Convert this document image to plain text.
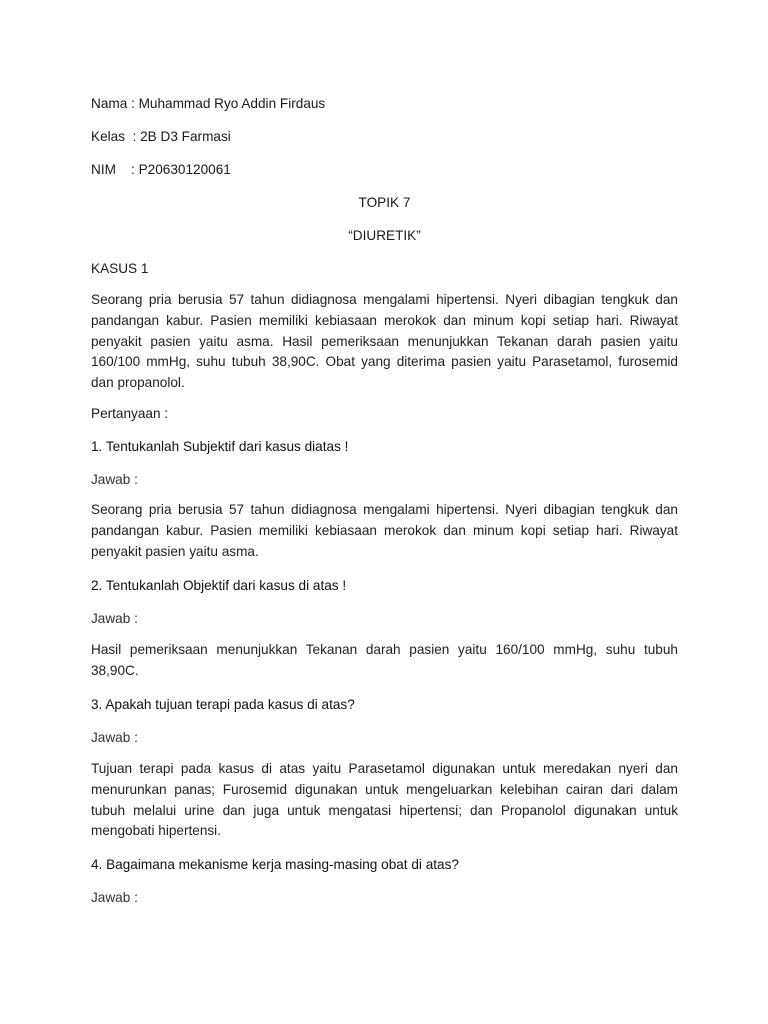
Nama : Muhammad Ryo Addin Firdaus
Kelas  : 2B D3 Farmasi
NIM    : P20630120061
TOPIK 7
“DIURETIK”
KASUS 1
Seorang pria berusia 57 tahun didiagnosa mengalami hipertensi. Nyeri dibagian tengkuk dan pandangan kabur. Pasien memiliki kebiasaan merokok dan minum kopi setiap hari. Riwayat penyakit pasien yaitu asma. Hasil pemeriksaan menunjukkan Tekanan darah pasien yaitu 160/100 mmHg, suhu tubuh 38,90C. Obat yang diterima pasien yaitu Parasetamol, furosemid dan propanolol.
Pertanyaan :
1. Tentukanlah Subjektif dari kasus diatas !
Jawab :
Seorang pria berusia 57 tahun didiagnosa mengalami hipertensi. Nyeri dibagian tengkuk dan pandangan kabur. Pasien memiliki kebiasaan merokok dan minum kopi setiap hari. Riwayat penyakit pasien yaitu asma.
2. Tentukanlah Objektif dari kasus di atas !
Jawab :
Hasil pemeriksaan menunjukkan Tekanan darah pasien yaitu 160/100 mmHg, suhu tubuh 38,90C.
3. Apakah tujuan terapi pada kasus di atas?
Jawab :
Tujuan terapi pada kasus di atas yaitu Parasetamol digunakan untuk meredakan nyeri dan menurunkan panas; Furosemid digunakan untuk mengeluarkan kelebihan cairan dari dalam tubuh melalui urine dan juga untuk mengatasi hipertensi; dan Propanolol digunakan untuk mengobati hipertensi.
4. Bagaimana mekanisme kerja masing-masing obat di atas?
Jawab :
